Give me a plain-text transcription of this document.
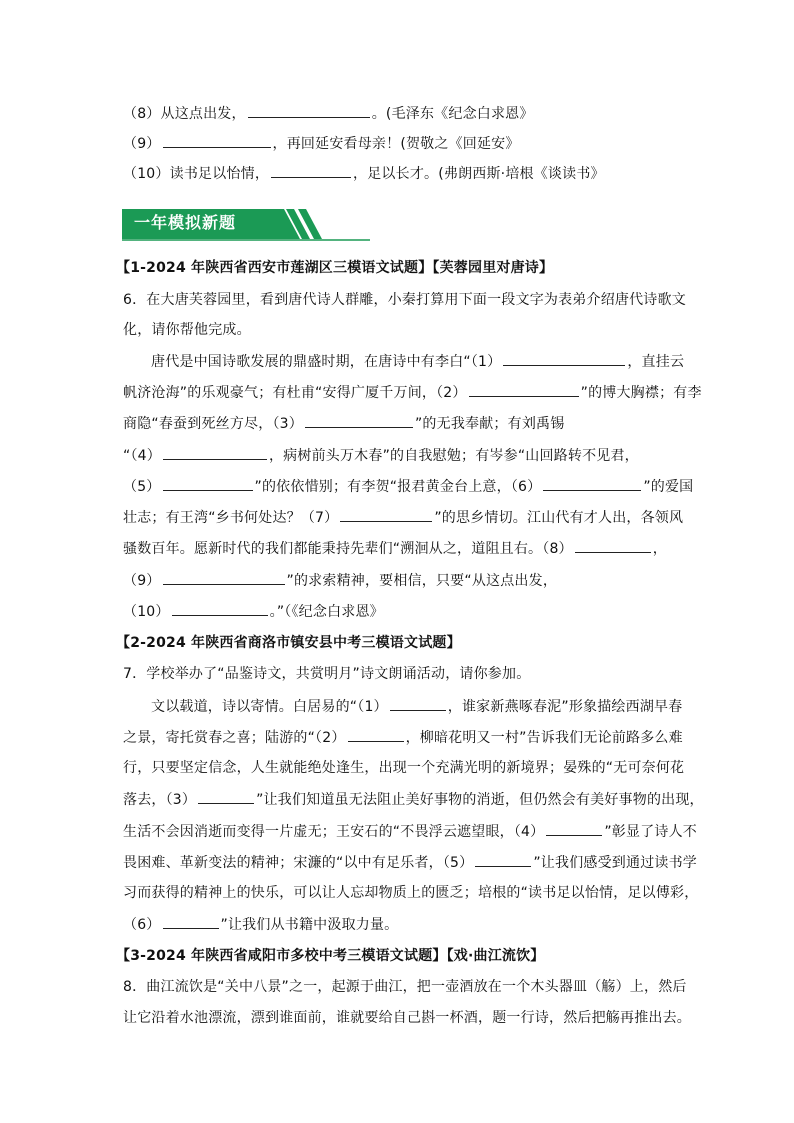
（8）从这点出发，	。(毛泽东《纪念白求恩》
（9）	，再回延安看母亲！(贺敬之《回延安》
（10）读书足以怡情，	，足以长才。(弗朗西斯·培根《谈读书》
一年模拟新题
【1-2024 年陕西省西安市莲湖区三模语文试题】【芙蓉园里对唐诗】
6．在大唐芙蓉园里，看到唐代诗人群雕，小秦打算用下面一段文字为表弟介绍唐代诗歌文
化，请你帮他完成。
唐代是中国诗歌发展的鼎盛时期，在唐诗中有李白“（1）	，直挂云
帆济沧海”的乐观豪气；有杜甫“安得广厦千万间，（2）	”的博大胸襟；有李
商隐“春蚕到死丝方尽，（3）	”的无我奉献；有刘禹锡
“（4）	，病树前头万木春”的自我慰勉；有岑参“山回路转不见君，
（5）	”的依依惜别；有李贺“报君黄金台上意，（6）	”的爱国
壮志；有王湾“乡书何处达？（7）	”的思乡情切。江山代有才人出，各领风
骚数百年。愿新时代的我们都能秉持先辈们“溯洄从之，道阻且右。（8）	，
（9）	”的求索精神，要相信，只要“从这点出发，
（10）	。”（《纪念白求恩》
【2-2024 年陕西省商洛市镇安县中考三模语文试题】
7．学校举办了“品鉴诗文，共赏明月”诗文朗诵活动，请你参加。
文以载道，诗以寄情。白居易的“（1）	，谁家新燕啄春泥”形象描绘西湖早春
之景，寄托赏春之喜；陆游的“（2）	，柳暗花明又一村”告诉我们无论前路多么难
行，只要坚定信念，人生就能绝处逢生，出现一个充满光明的新境界；晏殊的“无可奈何花
落去，（3）	”让我们知道虽无法阻止美好事物的消逝，但仍然会有美好事物的出现，
生活不会因消逝而变得一片虚无；王安石的“不畏浮云遮望眼，（4）	”彰显了诗人不
畏困难、革新变法的精神；宋濂的“以中有足乐者，（5）	”让我们感受到通过读书学
习而获得的精神上的快乐，可以让人忘却物质上的匮乏；培根的“读书足以怡情，足以傅彩，
（6）	”让我们从书籍中汲取力量。
【3-2024 年陕西省咸阳市多校中考三模语文试题】【戏·曲江流饮】
8．曲江流饮是“关中八景”之一，起源于曲江，把一壶酒放在一个木头器皿（觞）上，然后
让它沿着水池漂流，漂到谁面前，谁就要给自己斟一杯酒，题一行诗，然后把觞再推出去。
